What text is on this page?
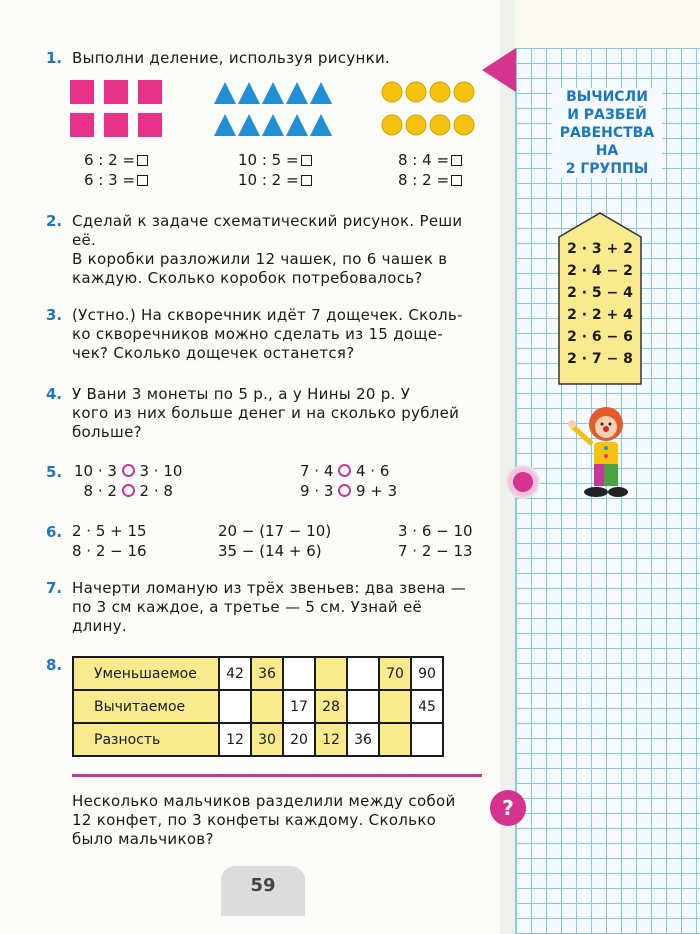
1. Выполни деление, используя рисунки.
6 : 2 =
6 : 3 =
10 : 5 =
10 : 2 =
8 : 4 =
8 : 2 =
2. Сделай к задаче схематический рисунок. Реши
её.
В коробки разложили 12 чашек, по 6 чашек в
каждую. Сколько коробок потребовалось?
3. (Устно.) На скворечник идёт 7 дощечек. Сколь-
ко скворечников можно сделать из 15 доще-
чек? Сколько дощечек останется?
4. У Вани 3 монеты по 5 р., а у Нины 20 р. У
кого из них больше денег и на сколько рублей
больше?
5. 10 · 3 3 · 10
8 · 2 2 · 8
7 · 4 4 · 6
9 · 3 9 + 3
6. 2 · 5 + 15
8 · 2 − 16
20 − (17 − 10)
35 − (14 + 6)
3 · 6 − 10
7 · 2 − 13
7. Начерти ломаную из трёх звеньев: два звена —
по 3 см каждое, а третье — 5 см. Узнай её
длину.
8. Уменьшаемое	42	36				70	90
Вычитаемое			17	28			45
Разность	12	30	20	12	36		
Несколько мальчиков разделили между собой
12 конфет, по 3 конфеты каждому. Сколько
было мальчиков?
?
59
ВЫЧИСЛИ
И РАЗБЕЙ
РАВЕНСТВА
НА
2 ГРУППЫ
2 · 3 + 2
2 · 4 − 2
2 · 5 − 4
2 · 2 + 4
2 · 6 − 6
2 · 7 − 8
